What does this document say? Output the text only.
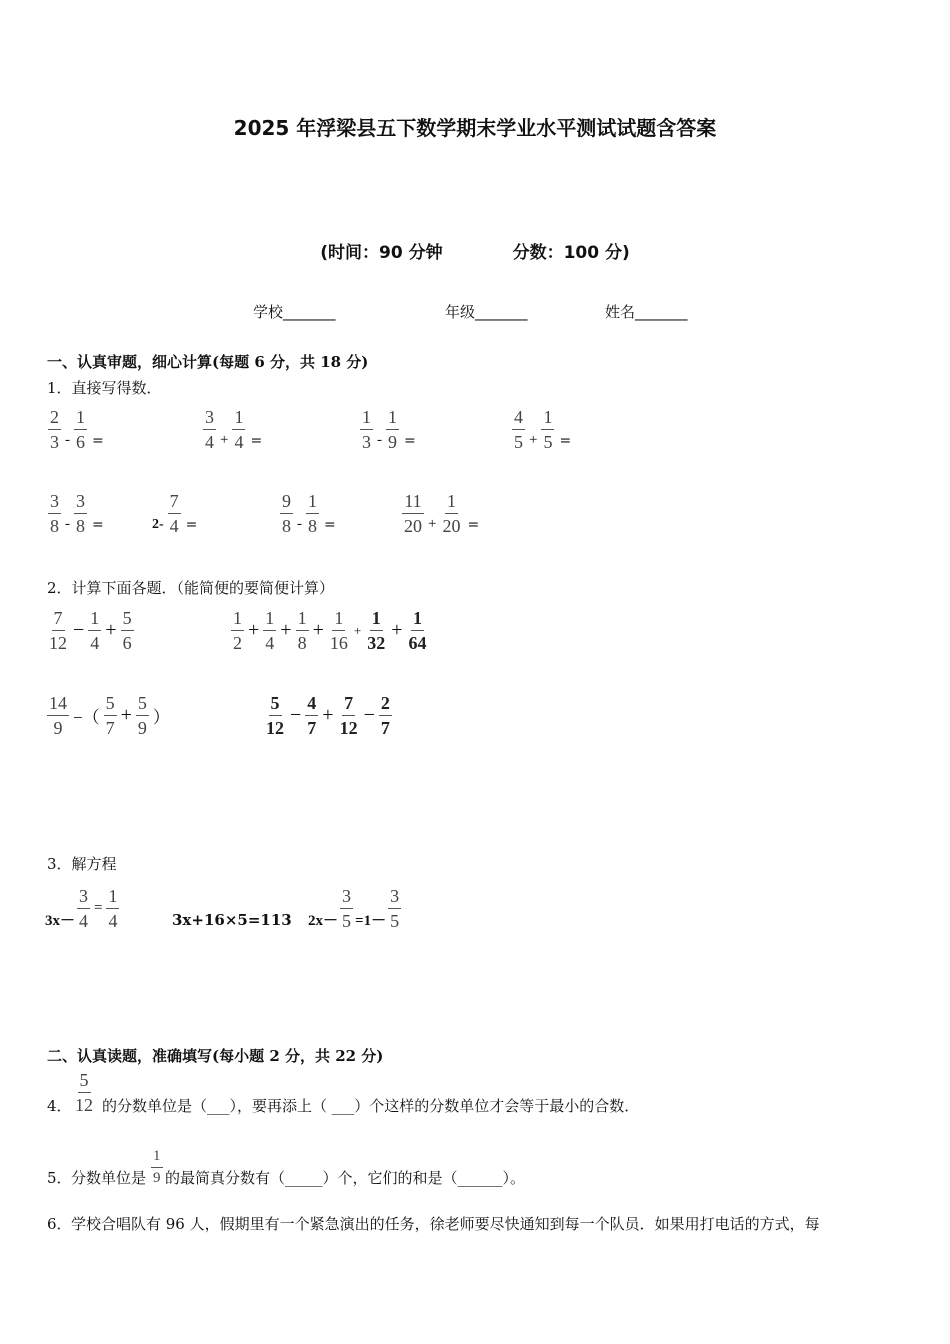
2025 年浮梁县五下数学期末学业水平测试试题含答案
(时间：90 分钟	分数：100 分)
学校_______	年级_______	姓名_______
一、认真审题，细心计算(每题 6 分，共 18 分)
1．直接写得数．
$\frac{2}{3} - \frac{1}{6}$ =	$\frac{3}{4} + \frac{1}{4}$ =	$\frac{1}{3} - \frac{1}{9}$ =	$\frac{4}{5} + \frac{1}{5}$ =
$\frac{3}{8} - \frac{3}{8}$ =	$2- \frac{7}{4}$ =	$\frac{9}{8} - \frac{1}{8}$ =	$\frac{11}{20} + \frac{1}{20}$ =
2．计算下面各题．（能简便的要简便计算）
$\frac{7}{12} - \frac{1}{4} + \frac{5}{6}$	$\frac{1}{2} + \frac{1}{4} + \frac{1}{8} + \frac{1}{16} + \frac{1}{32} + \frac{1}{64}$
$\frac{14}{9}$ −（ $\frac{5}{7} + \frac{5}{9}$ ）	$\frac{5}{12} - \frac{4}{7} + \frac{7}{12} - \frac{2}{7}$
3．解方程
$3x- \frac{3}{4} = \frac{1}{4}$	3x+16×5=113 $2x- \frac{3}{5} =1- \frac{3}{5}$
二、认真读题，准确填写(每小题 2 分，共 22 分)
4． $\frac{5}{12}$ 的分数单位是（___），要再添上（ ___）个这样的分数单位才会等于最小的合数．
5． 分数单位是 $\frac{1}{9}$ 的最简真分数有（_____）个，它们的和是（______）。
6． 学校合唱队有 96 人，假期里有一个紧急演出的任务，徐老师要尽快通知到每一个队员．如果用打电话的方式，每
